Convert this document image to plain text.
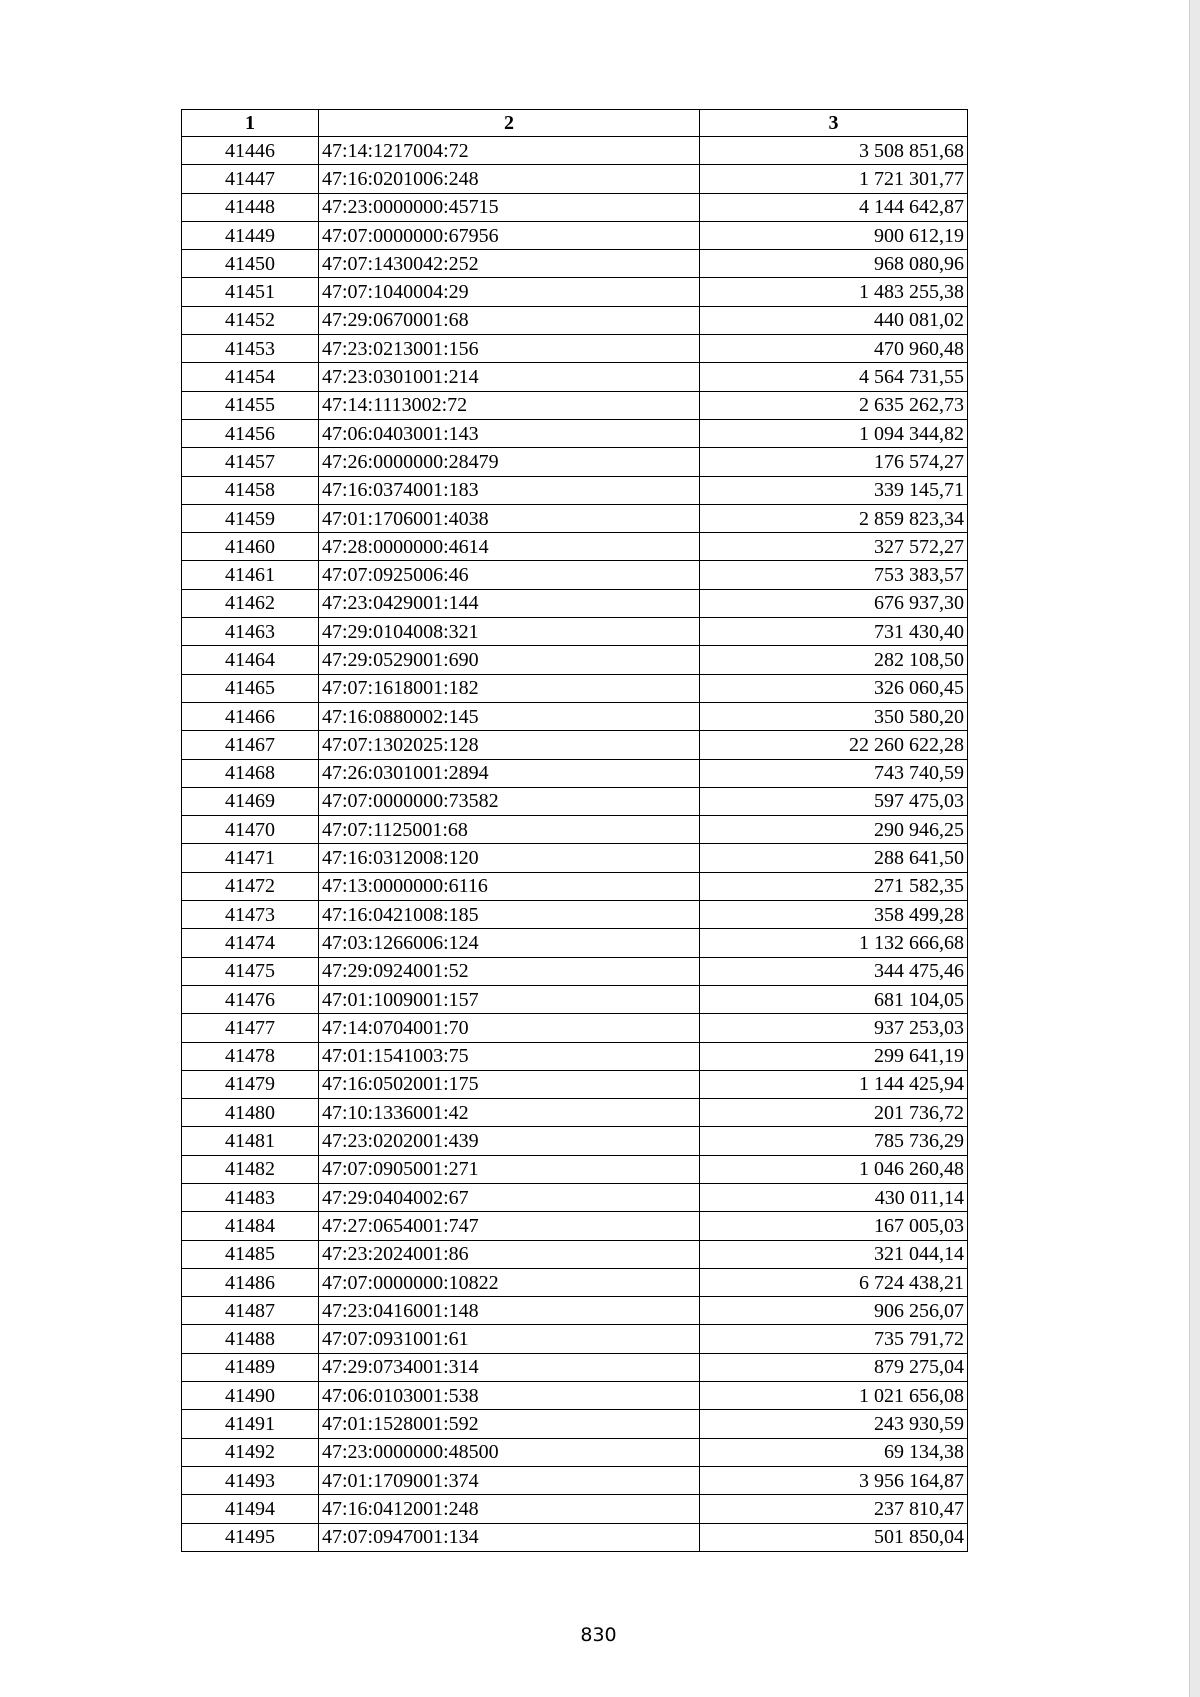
1	2	3
41446	47:14:1217004:72	3 508 851,68
41447	47:16:0201006:248	1 721 301,77
41448	47:23:0000000:45715	4 144 642,87
41449	47:07:0000000:67956	900 612,19
41450	47:07:1430042:252	968 080,96
41451	47:07:1040004:29	1 483 255,38
41452	47:29:0670001:68	440 081,02
41453	47:23:0213001:156	470 960,48
41454	47:23:0301001:214	4 564 731,55
41455	47:14:1113002:72	2 635 262,73
41456	47:06:0403001:143	1 094 344,82
41457	47:26:0000000:28479	176 574,27
41458	47:16:0374001:183	339 145,71
41459	47:01:1706001:4038	2 859 823,34
41460	47:28:0000000:4614	327 572,27
41461	47:07:0925006:46	753 383,57
41462	47:23:0429001:144	676 937,30
41463	47:29:0104008:321	731 430,40
41464	47:29:0529001:690	282 108,50
41465	47:07:1618001:182	326 060,45
41466	47:16:0880002:145	350 580,20
41467	47:07:1302025:128	22 260 622,28
41468	47:26:0301001:2894	743 740,59
41469	47:07:0000000:73582	597 475,03
41470	47:07:1125001:68	290 946,25
41471	47:16:0312008:120	288 641,50
41472	47:13:0000000:6116	271 582,35
41473	47:16:0421008:185	358 499,28
41474	47:03:1266006:124	1 132 666,68
41475	47:29:0924001:52	344 475,46
41476	47:01:1009001:157	681 104,05
41477	47:14:0704001:70	937 253,03
41478	47:01:1541003:75	299 641,19
41479	47:16:0502001:175	1 144 425,94
41480	47:10:1336001:42	201 736,72
41481	47:23:0202001:439	785 736,29
41482	47:07:0905001:271	1 046 260,48
41483	47:29:0404002:67	430 011,14
41484	47:27:0654001:747	167 005,03
41485	47:23:2024001:86	321 044,14
41486	47:07:0000000:10822	6 724 438,21
41487	47:23:0416001:148	906 256,07
41488	47:07:0931001:61	735 791,72
41489	47:29:0734001:314	879 275,04
41490	47:06:0103001:538	1 021 656,08
41491	47:01:1528001:592	243 930,59
41492	47:23:0000000:48500	69 134,38
41493	47:01:1709001:374	3 956 164,87
41494	47:16:0412001:248	237 810,47
41495	47:07:0947001:134	501 850,04
830
